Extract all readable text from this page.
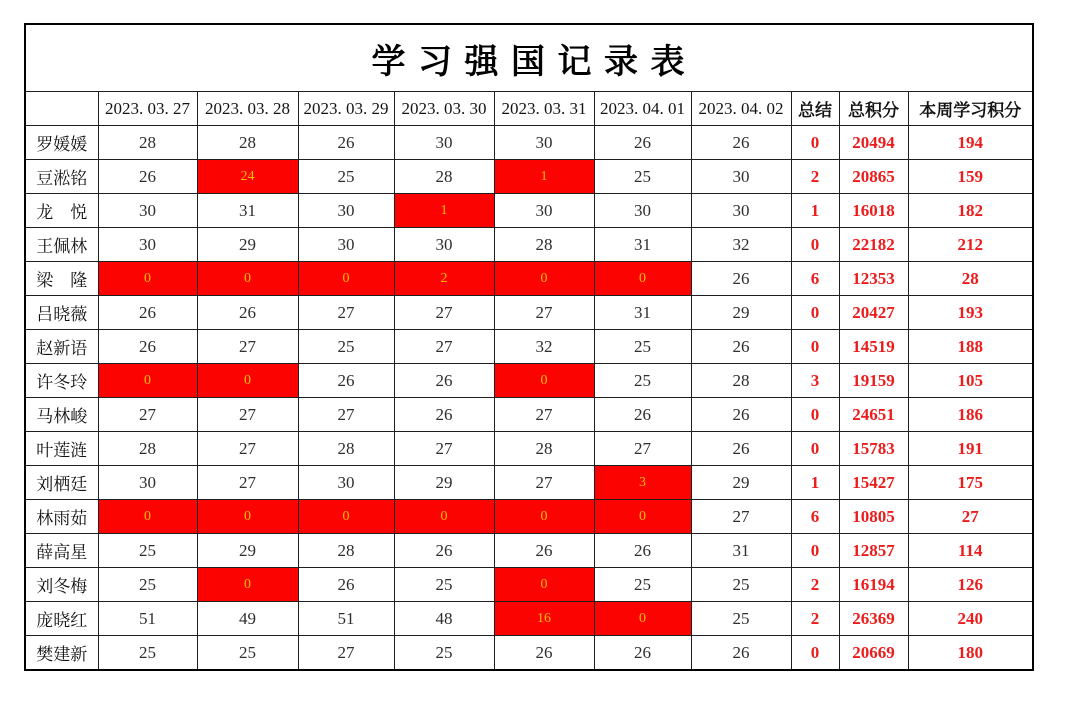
学 习 强 国 记 录 表										
	2023. 03. 27	2023. 03. 28	2023. 03. 29	2023. 03. 30	2023. 03. 31	2023. 04. 01	2023. 04. 02	总结	总积分	本周学习积分
罗媛媛	28	28	26	30	30	26	26	0	20494	194
豆淞铭	26	24	25	28	1	25	30	2	20865	159
龙　悦	30	31	30	1	30	30	30	1	16018	182
王佩林	30	29	30	30	28	31	32	0	22182	212
梁　隆	0	0	0	2	0	0	26	6	12353	28
吕晓薇	26	26	27	27	27	31	29	0	20427	193
赵新语	26	27	25	27	32	25	26	0	14519	188
许冬玲	0	0	26	26	0	25	28	3	19159	105
马林峻	27	27	27	26	27	26	26	0	24651	186
叶莲涟	28	27	28	27	28	27	26	0	15783	191
刘栖廷	30	27	30	29	27	3	29	1	15427	175
林雨茹	0	0	0	0	0	0	27	6	10805	27
薛高星	25	29	28	26	26	26	31	0	12857	114
刘冬梅	25	0	26	25	0	25	25	2	16194	126
庞晓红	51	49	51	48	16	0	25	2	26369	240
樊建新	25	25	27	25	26	26	26	0	20669	180
